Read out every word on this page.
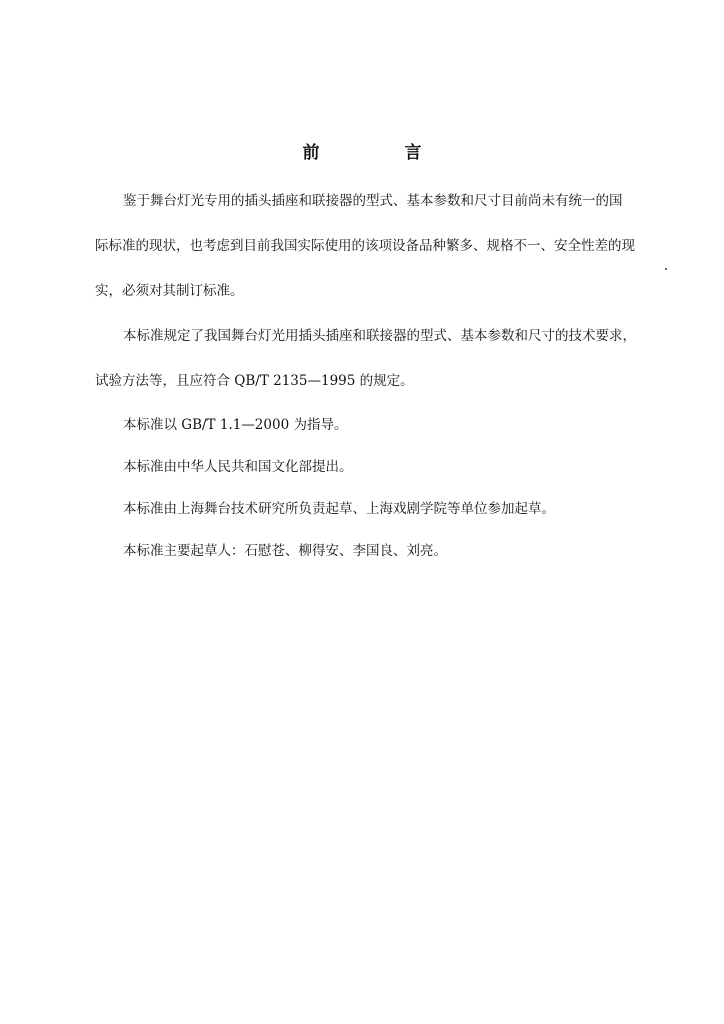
前　言
鉴于舞台灯光专用的插头插座和联接器的型式、基本参数和尺寸目前尚未有统一的国
际标准的现状，也考虑到目前我国实际使用的该项设备品种繁多、规格不一、安全性差的现
实，必须对其制订标准。
本标准规定了我国舞台灯光用插头插座和联接器的型式、基本参数和尺寸的技术要求，
试验方法等，且应符合 QB/T 2135—1995 的规定。
本标准以 GB/T 1.1—2000 为指导。
本标准由中华人民共和国文化部提出。
本标准由上海舞台技术研究所负责起草、上海戏剧学院等单位参加起草。
本标准主要起草人：石慰苍、柳得安、李国良、刘亮。
